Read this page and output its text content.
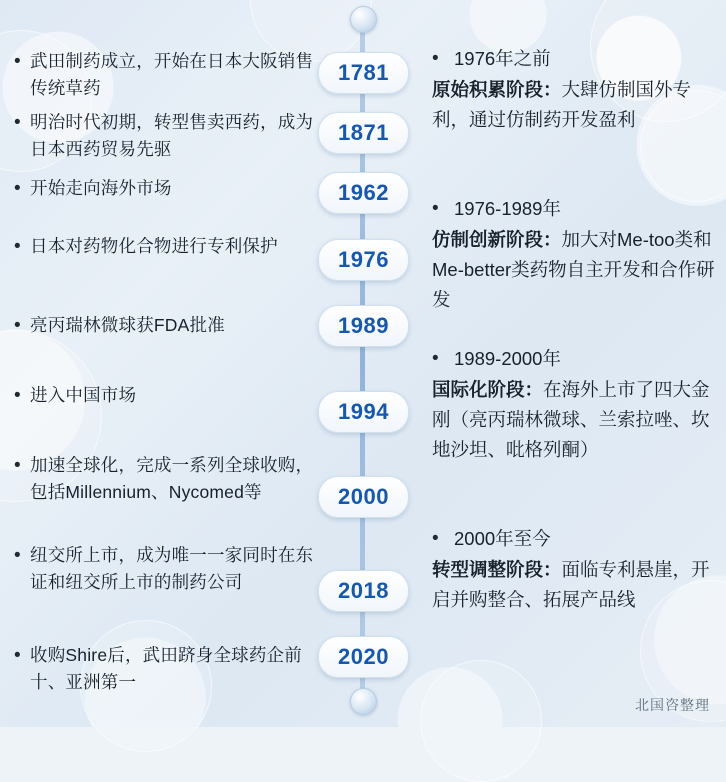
1781
1871
1962
1976
1989
1994
2000
2018
2020
• 武田制药成立，开始在日本大阪销售传统草药
• 明治时代初期，转型售卖西药，成为日本西药贸易先驱
• 开始走向海外市场
• 日本对药物化合物进行专利保护
• 亮丙瑞林微球获FDA批准
• 进入中国市场
• 加速全球化，完成一系列全球收购，包括Millennium、Nycomed等
• 纽交所上市，成为唯一一家同时在东证和纽交所上市的制药公司
• 收购Shire后，武田跻身全球药企前十、亚洲第一
• 1976年之前
原始积累阶段：大肆仿制国外专利，通过仿制药开发盈利
• 1976-1989年
仿制创新阶段：加大对Me-too类和Me-better类药物自主开发和合作研发
• 1989-2000年
国际化阶段：在海外上市了四大金刚（亮丙瑞林微球、兰索拉唑、坎地沙坦、吡格列酮）
• 2000年至今
转型调整阶段：面临专利悬崖，开启并购整合、拓展产品线
北国咨整理
